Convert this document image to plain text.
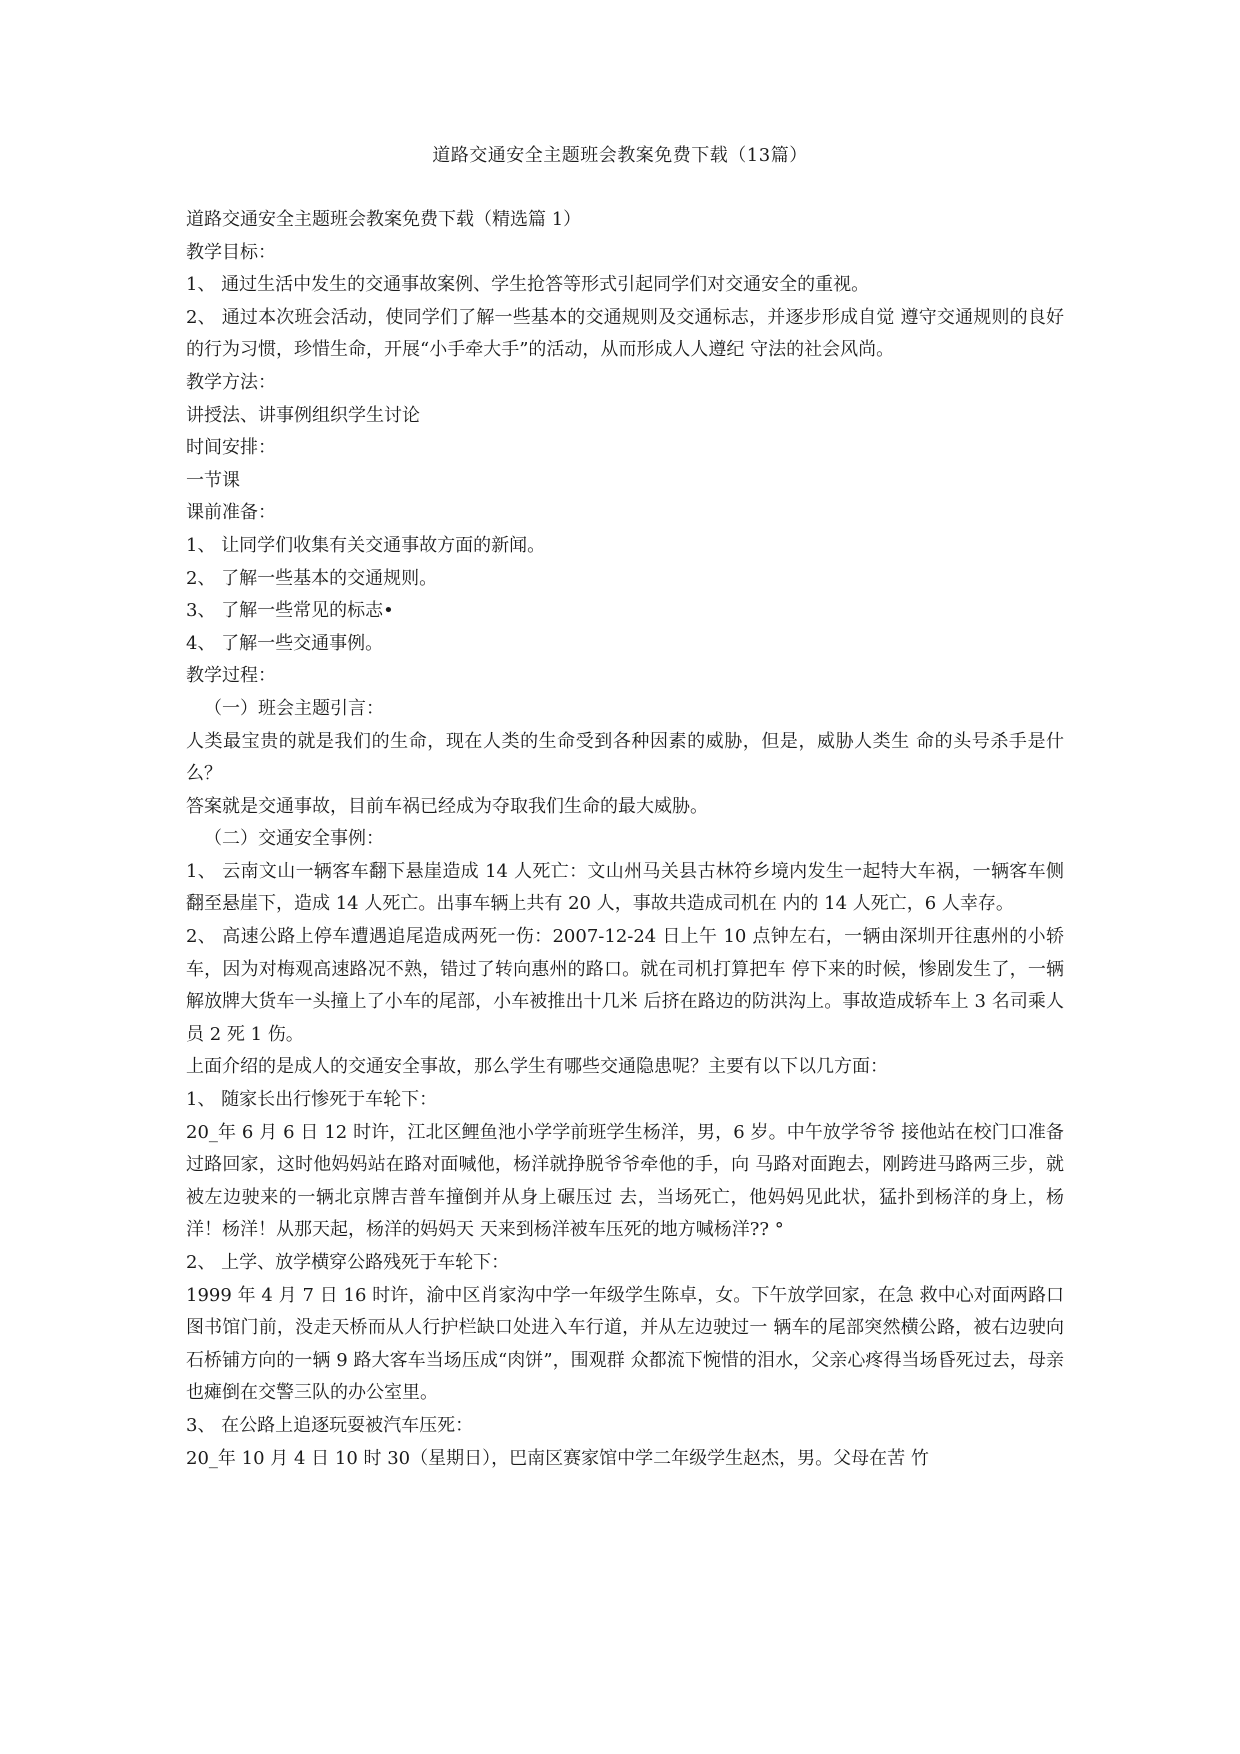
道路交通安全主题班会教案免费下载（13篇）

道路交通安全主题班会教案免费下载（精选篇 1）

教学目标：

1、 通过生活中发生的交通事故案例、学生抢答等形式引起同学们对交通安全的重视。

2、 通过本次班会活动，使同学们了解一些基本的交通规则及交通标志，并逐步形成自觉 遵守交通规则的良好的行为习惯，珍惜生命，开展“小手牵大手”的活动，从而形成人人遵纪 守法的社会风尚。

教学方法：

讲授法、讲事例组织学生讨论

时间安排：

一节课

课前准备：

1、 让同学们收集有关交通事故方面的新闻。

2、 了解一些基本的交通规则。

3、 了解一些常见的标志•

4、 了解一些交通事例。

教学过程：

（一）班会主题引言：

人类最宝贵的就是我们的生命，现在人类的生命受到各种因素的威胁，但是，威胁人类生 命的头号杀手是什么？

答案就是交通事故，目前车祸已经成为夺取我们生命的最大威胁。

（二）交通安全事例：

1、 云南文山一辆客车翻下悬崖造成 14 人死亡：文山州马关县古林符乡境内发生一起特大车祸，一辆客车侧翻至悬崖下，造成 14 人死亡。出事车辆上共有 20 人，事故共造成司机在 内的 14 人死亡，6 人幸存。

2、 高速公路上停车遭遇追尾造成两死一伤：2007-12-24 日上午 10 点钟左右，一辆由深圳开往惠州的小轿车，因为对梅观高速路况不熟，错过了转向惠州的路口。就在司机打算把车 停下来的时候，惨剧发生了，一辆解放牌大货车一头撞上了小车的尾部，小车被推出十几米 后挤在路边的防洪沟上。事故造成轿车上 3 名司乘人员 2 死 1 伤。

上面介绍的是成人的交通安全事故，那么学生有哪些交通隐患呢？主要有以下以几方面：

1、 随家长出行惨死于车轮下：

20_年 6 月 6 日 12 时许，江北区鲤鱼池小学学前班学生杨洋，男，6 岁。中午放学爷爷 接他站在校门口准备过路回家，这时他妈妈站在路对面喊他，杨洋就挣脱爷爷牵他的手，向 马路对面跑去，刚跨进马路两三步，就被左边驶来的一辆北京牌吉普车撞倒并从身上碾压过 去，当场死亡，他妈妈见此状，猛扑到杨洋的身上，杨洋！杨洋！从那天起，杨洋的妈妈天 天来到杨洋被车压死的地方喊杨洋?? °

2、 上学、放学横穿公路残死于车轮下：

1999 年 4 月 7 日 16 时许，渝中区肖家沟中学一年级学生陈卓，女。下午放学回家，在急 救中心对面两路口图书馆门前，没走天桥而从人行护栏缺口处进入车行道，并从左边驶过一 辆车的尾部突然横公路，被右边驶向石桥铺方向的一辆 9 路大客车当场压成“肉饼”，围观群 众都流下惋惜的泪水，父亲心疼得当场昏死过去，母亲也瘫倒在交警三队的办公室里。

3、 在公路上追逐玩耍被汽车压死：

20_年 10 月 4 日 10 时 30（星期日），巴南区赛家馆中学二年级学生赵杰，男。父母在苦 竹
